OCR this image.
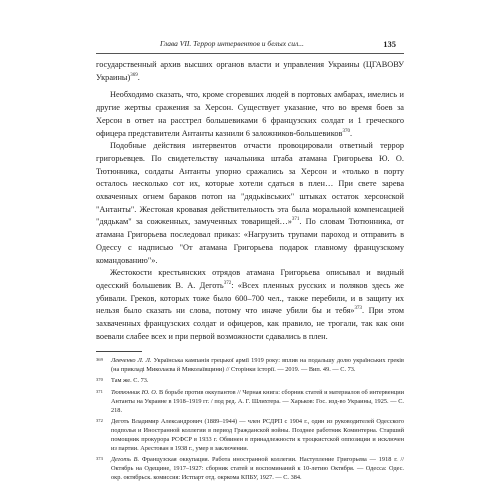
Глава VII. Террор интервентов и белых сил...	135

государственный архив высших органов власти и управления Украины (ЦГАВОВУ Украины)$^{369}$.

Необходимо сказать, что, кроме сгоревших людей в портовых амбарах, имелись и другие жертвы сражения за Херсон. Существует указание, что во время боев за Херсон в ответ на расстрел большевиками 6 французских солдат и 1 греческого офицера представители Антанты казнили 6 заложников-большевиков$^{370}$.

Подобные действия интервентов отчасти провоцировали ответный террор григорьевцев. По свидетельству начальника штаба атамана Григорьева Ю. О. Тютюнника, солдаты Антанты упорно сражались за Херсон и «только в порту осталось несколько сот их, которые хотели сдаться в плен… При свете зарева охваченных огнем бараков потоп на "дядьківських" штыках остаток херсонской "Антанты". Жестокая кровавая действительность эта была моральной компенсацией "дядькам" за сожженных, замученных товарищей…»$^{371}$. По словам Тютюнника, от атамана Григорьева последовал приказ: «Нагрузить трупами пароход и отправить в Одессу с надписью "От атамана Григорьева подарок главному французскому командованию"».

Жестокости крестьянских отрядов атамана Григорьева описывал и видный одесский большевик В. А. Деготь$^{372}$: «Всех пленных русских и поляков здесь же убивали. Греков, которых тоже было 600–700 чел., также перебили, и в защиту их нельзя было сказать ни слова, потому что иначе убили бы и тебя»$^{373}$. При этом захваченных французских солдат и офицеров, как правило, не трогали, так как они воевали слабее всех и при первой возможности сдавались в плен.

369 Левченко Л. Л. Українська кампанія грецької армії 1919 року: вплив на подальшу долю українських греків (на прикладі Миколаєва й Миколаївщини) // Сторінки історії. — 2019. — Вип. 49. — С. 73.
370 Там же. С. 73.
371 Тютюнник Ю. О. В борьбе против оккупантов // Черная книга: сборник статей и материалов об интервенции Антанты на Украине в 1918–1919 гг. / под ред. А. Г. Шлихтера. — Харьков: Гос. изд-во Украины, 1925. — С. 218.
372 Деготь Владимир Александрович (1889–1944) — член РСДРП с 1904 г., один из руководителей Одесского подполья и Иностранной коллегии в период Гражданской войны. Позднее работник Коминтерна. Старший помощник прокурора РСФСР в 1933 г. Обвинен в принадлежности к троцкистской оппозиции и исключен из партии. Арестован в 1938 г., умер в заключении.
373 Деготь В. Французская оккупация. Работа иностранной коллегии. Наступление Григорьева — 1918 г. // Октябрь на Одещине, 1917–1927: сборник статей и воспоминаний к 10-летию Октября. — Одесса: Одес. окр. октябрьск. комиссия: Истпарт отд. окркома КПБУ, 1927. — С. 384.
